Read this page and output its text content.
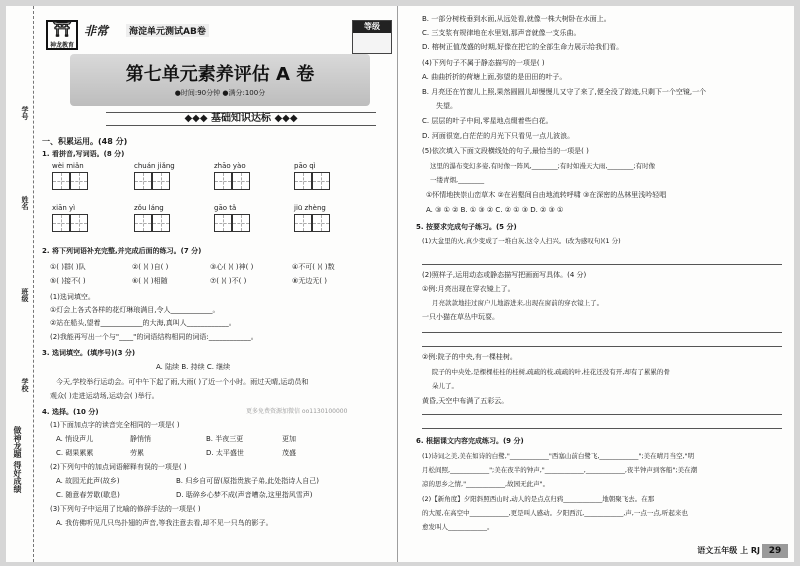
学号
姓名
班级
学校
做神龙题 得好成绩
⛩
神龙教育
非常	海淀单元测试AB卷
等级
第七单元素养评估 A 卷
●时间:90分钟 ●满分:100分
◆◆◆ 基础知识达标 ◆◆◆
一、积累运用。(48 分)
1. 看拼音,写词语。(8 分)
wèi miǎn	chuán jiǎng	zhāo yào	pāo qì
xiān yì	zǒu láng	gāo tǎ	jiū zhèng
2. 将下列词语补充完整,并完成后面的练习。(7 分)
①( )群( )队	②( )( )自( )	③心( )( )神( )	④不可( )( )数
⑤( )接不( )	⑥( )( )相随	⑦( )( )不( )	⑧无边无( )
(1)选词填空。
①灯会上各式各样的花灯琳琅满目,令人____________。
②站在船头,望着____________的大海,真叫人____________。
(2)我能再写出一个与"____"的词语结构相同的词语:____________。
3. 选词填空。(填序号)(3 分)
A. 陆续 B. 持续 C. 继续
今天,学校举行运动会。可中午下起了雨,大雨( )了近一个小时。雨过天晴,运动员和
观众( )走进运动场,运动会( )举行。
4. 选择。(10 分)	更多免费资源加微信 oo1130100000
(1)下面加点字的读音完全相同的一项是( )
A. 悄设声儿	静悄悄	B. 半夜三更	更加
C. 砌果累累	劳累	D. 太平盛世	茂盛
(2)下列句中的加点词语解释有误的一项是( )
A. 故园无此声(故乡)	B. 归乡自可留(原指贵族子弟,此处指诗人自己)
C. 随意春芳歇(歇息)	D. 聒碎乡心梦不成(声音嘈杂,这里指风雪声)
(3)下列句子中运用了比喻的修辞手法的一项是( )
A. 我仿佛听见几只鸟扑翅的声音,等我注意去看,却不见一只鸟的影子。
B. 一部分树枝垂到水面,从远处看,就像一株大树卧在水面上。
C. 三支浆有规律地在水里划,那声音就像一支乐曲。
D. 榕树正值茂盛的时期,好像在把它的全部生命力展示给我们看。
(4)下列句子不属于静态描写的一项是( )
A. 曲曲折折的荷塘上面,弥望的是田田的叶子。
B. 月亮还在竹窗儿上照,果然圆圆儿却慢慢儿又守了来了,便全没了踪迹,只剩下一个空镜,一个
失望。
C. 层层的叶子中间,零星地点缀着些白花。
D. 河面很宽,白茫茫的月光下只看见一点儿波浪。
(5)依次填入下面文段横线处的句子,最恰当的一项是( )
这里的瀑布变幻多姿,有时像一阵风,________;有时如漫天大雨,________;有时像
一缕青烟,________
①怀情地挟崇山峦草木 ②在岩壑间自由地流转呼啸 ③在深密的丛林里浅吟轻唱
A. ③ ① ② B. ① ③ ② C. ② ① ③ D. ② ③ ①
5. 按要求完成句子练习。(5 分)
(1)大盆里的火,真少变成了一堆白灰,这令人扫兴。(改为感叹句)(1 分)
(2)照样子,运用动态或静态描写把画面写具体。(4 分)
①例:月亮出现在穿衣镜上了。
月亮款款地挂过窗户儿地游进来,出现在窗前的穿衣镜上了。
一只小猫在草丛中玩耍。
②例:院子的中央,有一棵桂树。
院子的中央处,是棵棵桂桂的桂树,疏疏的枝,疏疏的叶,桂花还没有开,却有了累累的骨
朵儿了。
黄昏,天空中布满了五彩云。
6. 根据课文内容完成练习。(9 分)
(1)诗词之美,美在如诗的白鹭,"____________"西塞山前白鹭飞,____________";美在晴月当空,"明
月松间照,____________";美在夜半的钟声,"____________,____________,夜半钟声到客船";美在潮
凉的思乡之情,"____________,故园无此声"。
(2)【新角度】夕阳斜照西山时,动人的是点点归鸦____________地朝聚飞去。在那
的大厦,在高空中____________,更是叫人感动。夕阳西沉,____________,声,一点一点,听起来也
愈发叫人____________。
语文五年级 上 RJ 29
